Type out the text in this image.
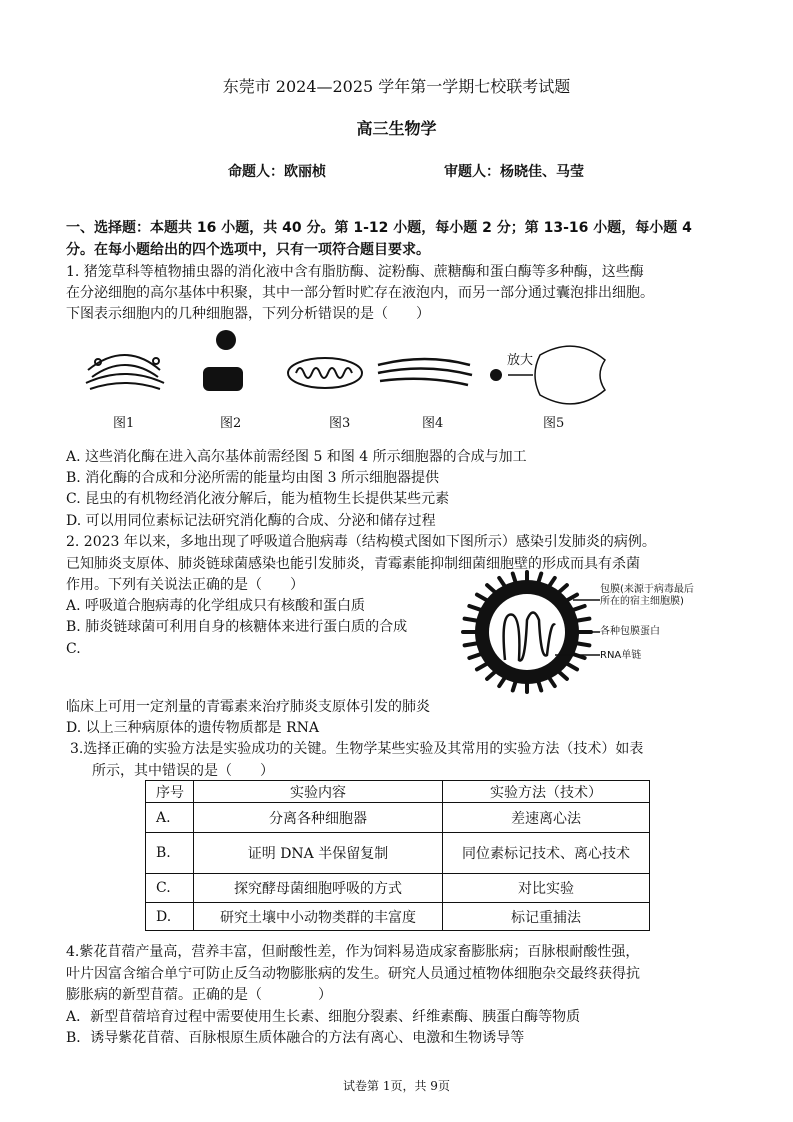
东莞市 2024—2025 学年第一学期七校联考试题
高三生物学
命题人：欧丽桢	审题人：杨晓佳、马莹
一、选择题：本题共 16 小题，共 40 分。第 1-12 小题，每小题 2 分；第 13-16 小题，每小题 4
分。在每小题给出的四个选项中，只有一项符合题目要求。
1. 猪笼草科等植物捕虫器的消化液中含有脂肪酶、淀粉酶、蔗糖酶和蛋白酶等多种酶，这些酶
在分泌细胞的高尔基体中积聚，其中一部分暂时贮存在液泡内，而另一部分通过囊泡排出细胞。
下图表示细胞内的几种细胞器，下列分析错误的是（　　）
放大
图1	图2	图3	图4	图5
A. 这些消化酶在进入高尔基体前需经图 5 和图 4 所示细胞器的合成与加工
B. 消化酶的合成和分泌所需的能量均由图 3 所示细胞器提供
C. 昆虫的有机物经消化液分解后，能为植物生长提供某些元素
D. 可以用同位素标记法研究消化酶的合成、分泌和储存过程
2. 2023 年以来，多地出现了呼吸道合胞病毒（结构模式图如下图所示）感染引发肺炎的病例。
已知肺炎支原体、肺炎链球菌感染也能引发肺炎，青霉素能抑制细菌细胞壁的形成而具有杀菌
作用。下列有关说法正确的是（　　）
A. 呼吸道合胞病毒的化学组成只有核酸和蛋白质
B. 肺炎链球菌可利用自身的核糖体来进行蛋白质的合成
C.
临床上可用一定剂量的青霉素来治疗肺炎支原体引发的肺炎
D. 以上三种病原体的遗传物质都是 RNA
包膜(来源于病毒最后
所在的宿主细胞膜)
各种包膜蛋白
RNA单链
3.选择正确的实验方法是实验成功的关键。生物学某些实验及其常用的实验方法（技术）如表
所示，其中错误的是（　　）
序号	实验内容	实验方法（技术）
A.	分离各种细胞器	差速离心法
B.	证明 DNA 半保留复制	同位素标记技术、离心技术
C.	探究酵母菌细胞呼吸的方式	对比实验
D.	研究土壤中小动物类群的丰富度	标记重捕法
4.紫花苜蓿产量高，营养丰富，但耐酸性差，作为饲料易造成家畜膨胀病；百脉根耐酸性强，
叶片因富含缩合单宁可防止反刍动物膨胀病的发生。研究人员通过植物体细胞杂交最终获得抗
膨胀病的新型苜蓿。正确的是（　　　　）
A．新型苜蓿培育过程中需要使用生长素、细胞分裂素、纤维素酶、胰蛋白酶等物质
B．诱导紫花苜蓿、百脉根原生质体融合的方法有离心、电激和生物诱导等
试卷第 1页，共 9页
